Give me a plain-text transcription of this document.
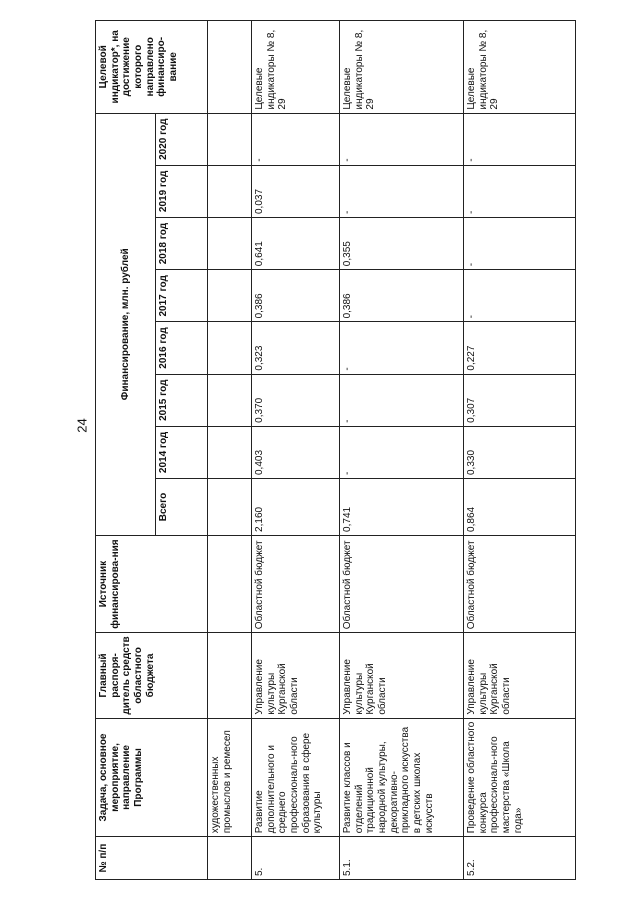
24
№ п/п	Задача, основное мероприятие, направление Программы	Главный распоря-дитель средств областного бюджета	Источник финансирова-ния	Финансирование, млн. рублей								Целевой индикатор*, на достижение которого направлено финансиро-вание
				Всего	2014 год	2015 год	2016 год	2017 год	2018 год	2019 год	2020 год	
	художественных промыслов и ремесел											
5.	Развитие дополнительного и среднего профессиональ-ного образования в сфере культуры	Управление культуры Курганской области	Областной бюджет	2,160	0,403	0,370	0,323	0,386	0,641	0,037	-	Целевые индикаторы № 8, 29
5.1.	Развитие классов и отделений традиционной народной культуры, декоративно-прикладного искусства в детских школах искусств	Управление культуры Курганской области	Областной бюджет	0,741	-	-	-	0,386	0,355	-	-	Целевые индикаторы № 8, 29
5.2.	Проведение областного конкурса профессиональ-ного мастерства «Школа года»	Управление культуры Курганской области	Областной бюджет	0,864	0,330	0,307	0,227	-	-	-	-	Целевые индикаторы № 8, 29
